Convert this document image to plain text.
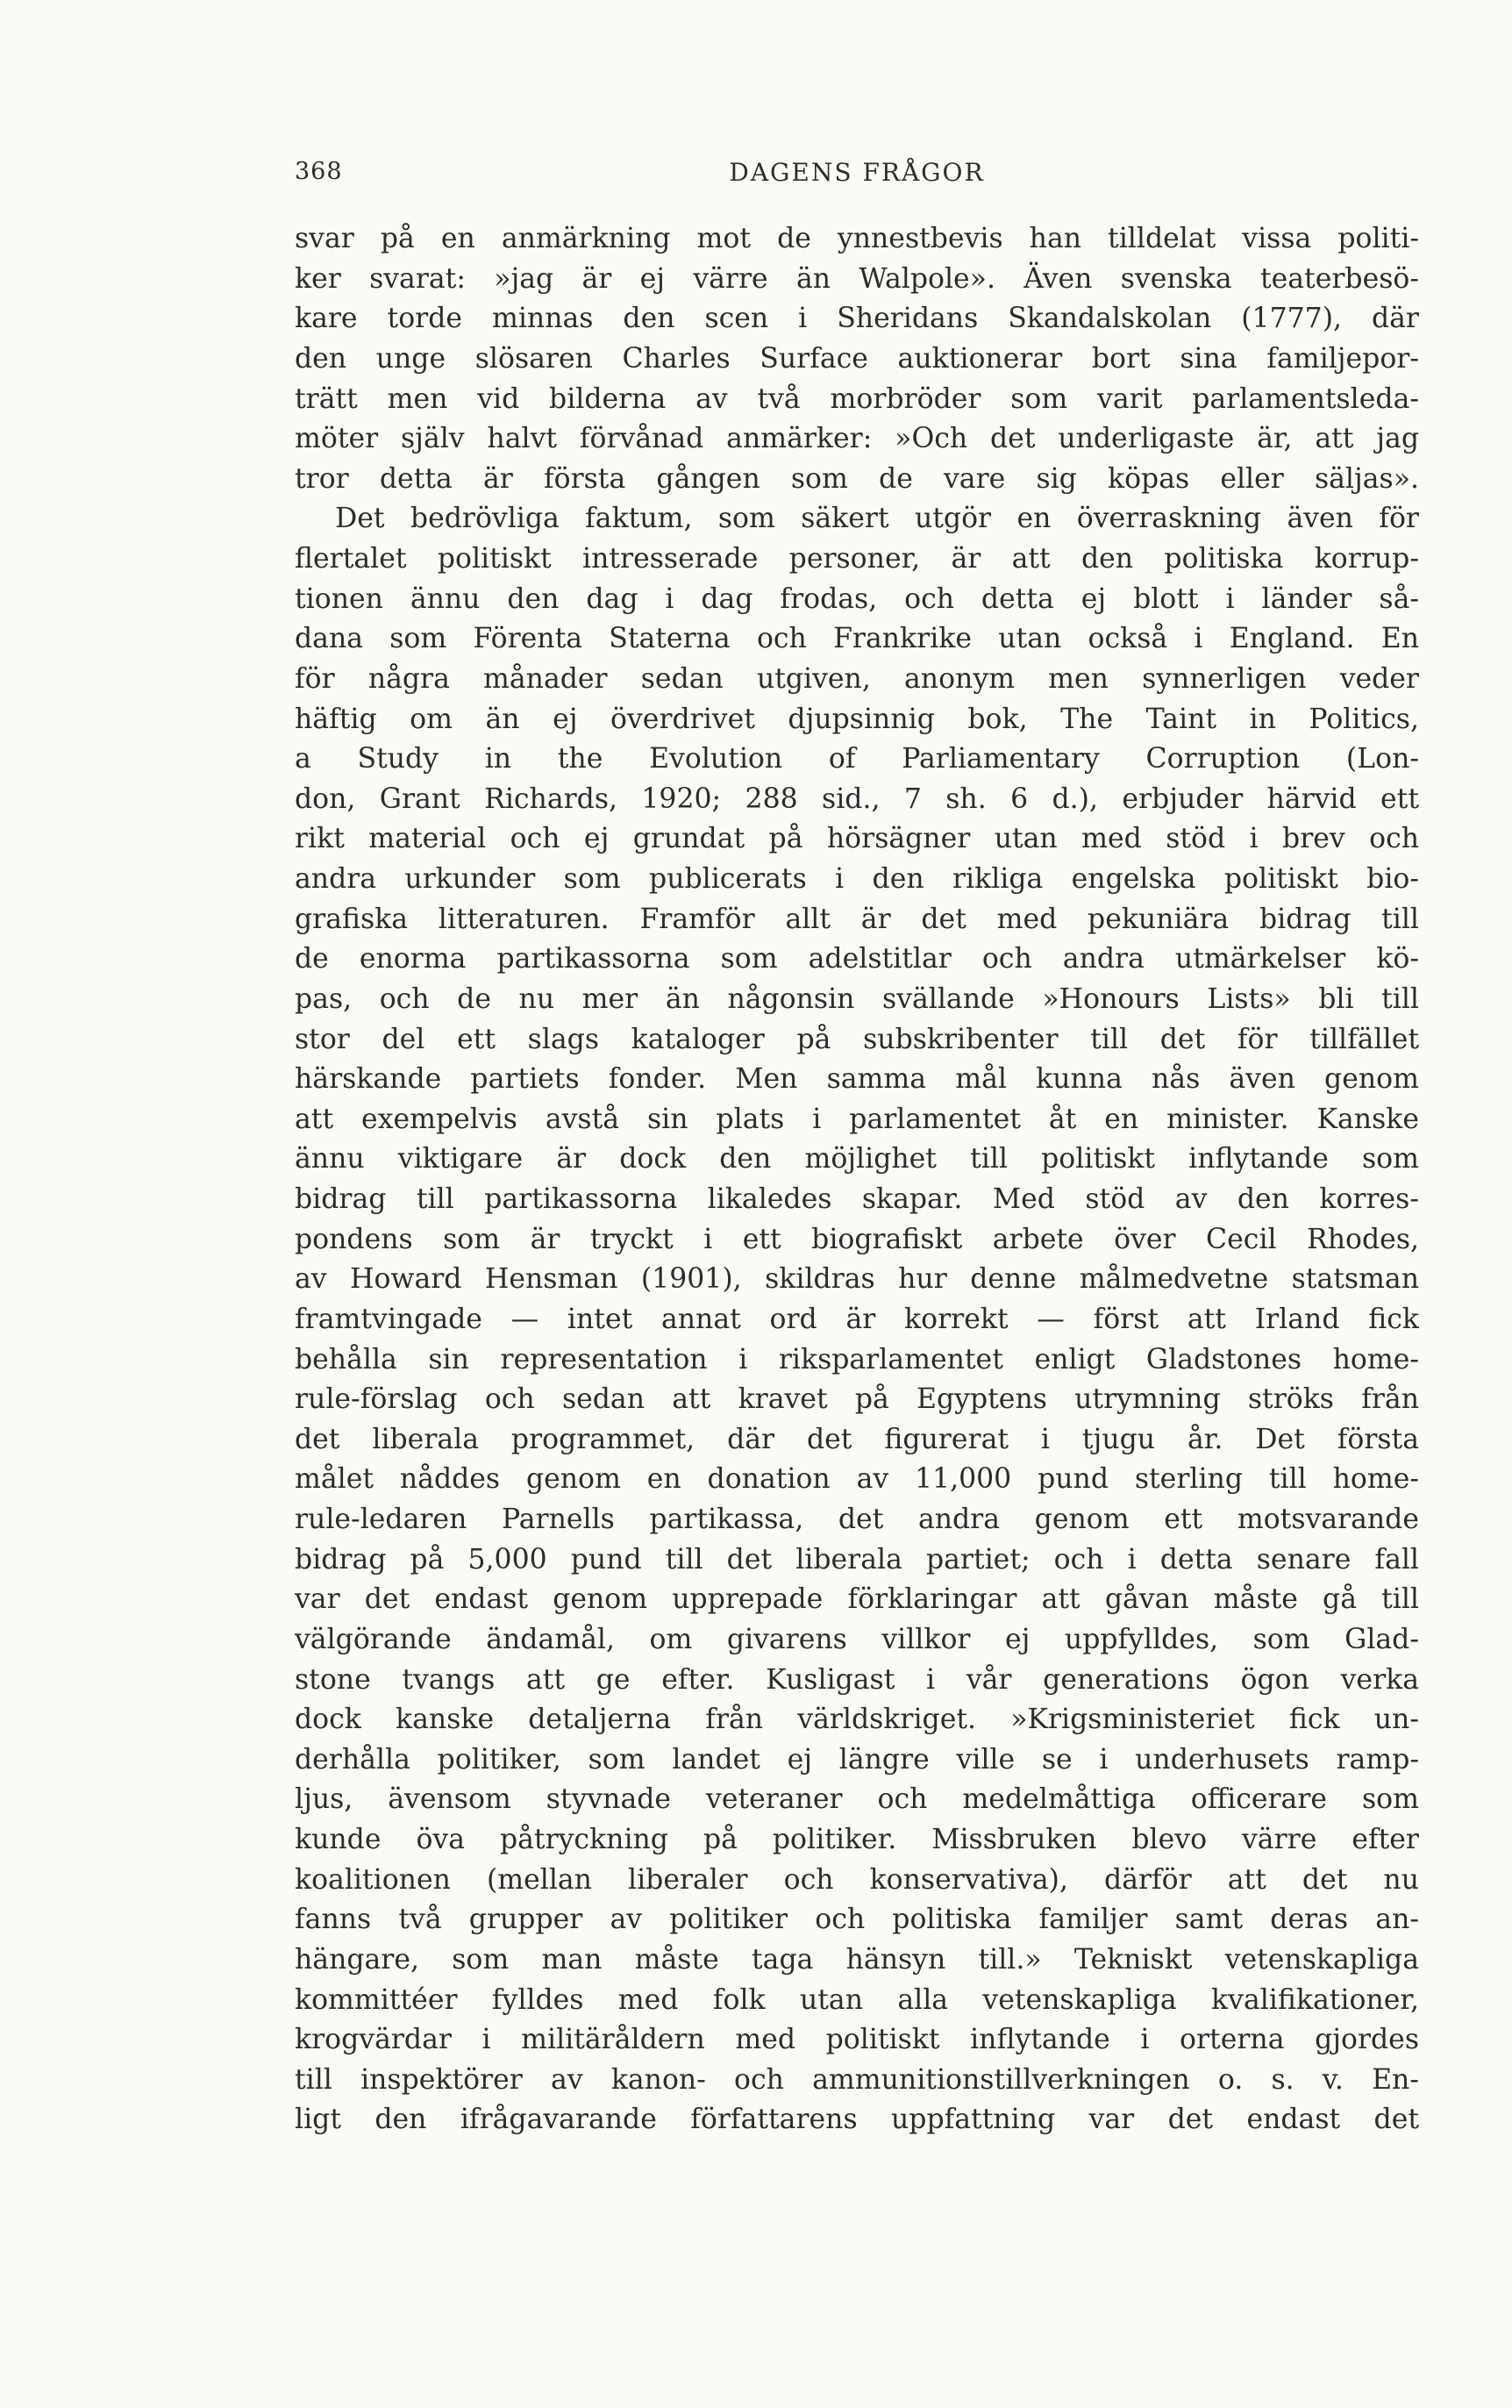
368	DAGENS FRÅGOR
svar på en anmärkning mot de ynnestbevis han tilldelat vissa politi-
ker svarat: »jag är ej värre än Walpole». Även svenska teaterbesö-
kare torde minnas den scen i Sheridans Skandalskolan (1777), där
den unge slösaren Charles Surface auktionerar bort sina familjepor-
trätt men vid bilderna av två morbröder som varit parlamentsleda-
möter själv halvt förvånad anmärker: »Och det underligaste är, att jag
tror detta är första gången som de vare sig köpas eller säljas».
Det bedrövliga faktum, som säkert utgör en överraskning även för
flertalet politiskt intresserade personer, är att den politiska korrup-
tionen ännu den dag i dag frodas, och detta ej blott i länder så-
dana som Förenta Staterna och Frankrike utan också i England. En
för några månader sedan utgiven, anonym men synnerligen veder
häftig om än ej överdrivet djupsinnig bok, The Taint in Politics,
a Study in the Evolution of Parliamentary Corruption (Lon-
don, Grant Richards, 1920; 288 sid., 7 sh. 6 d.), erbjuder härvid ett
rikt material och ej grundat på hörsägner utan med stöd i brev och
andra urkunder som publicerats i den rikliga engelska politiskt bio-
grafiska litteraturen. Framför allt är det med pekuniära bidrag till
de enorma partikassorna som adelstitlar och andra utmärkelser kö-
pas, och de nu mer än någonsin svällande »Honours Lists» bli till
stor del ett slags kataloger på subskribenter till det för tillfället
härskande partiets fonder. Men samma mål kunna nås även genom
att exempelvis avstå sin plats i parlamentet åt en minister. Kanske
ännu viktigare är dock den möjlighet till politiskt inflytande som
bidrag till partikassorna likaledes skapar. Med stöd av den korres-
pondens som är tryckt i ett biografiskt arbete över Cecil Rhodes,
av Howard Hensman (1901), skildras hur denne målmedvetne statsman
framtvingade — intet annat ord är korrekt — först att Irland fick
behålla sin representation i riksparlamentet enligt Gladstones home-
rule-förslag och sedan att kravet på Egyptens utrymning ströks från
det liberala programmet, där det figurerat i tjugu år. Det första
målet nåddes genom en donation av 11,000 pund sterling till home-
rule-ledaren Parnells partikassa, det andra genom ett motsvarande
bidrag på 5,000 pund till det liberala partiet; och i detta senare fall
var det endast genom upprepade förklaringar att gåvan måste gå till
välgörande ändamål, om givarens villkor ej uppfylldes, som Glad-
stone tvangs att ge efter. Kusligast i vår generations ögon verka
dock kanske detaljerna från världskriget. »Krigsministeriet fick un-
derhålla politiker, som landet ej längre ville se i underhusets ramp-
ljus, ävensom styvnade veteraner och medelmåttiga officerare som
kunde öva påtryckning på politiker. Missbruken blevo värre efter
koalitionen (mellan liberaler och konservativa), därför att det nu
fanns två grupper av politiker och politiska familjer samt deras an-
hängare, som man måste taga hänsyn till.» Tekniskt vetenskapliga
kommittéer fylldes med folk utan alla vetenskapliga kvalifikationer,
krogvärdar i militäråldern med politiskt inflytande i orterna gjordes
till inspektörer av kanon- och ammunitionstillverkningen o. s. v. En-
ligt den ifrågavarande författarens uppfattning var det endast det
